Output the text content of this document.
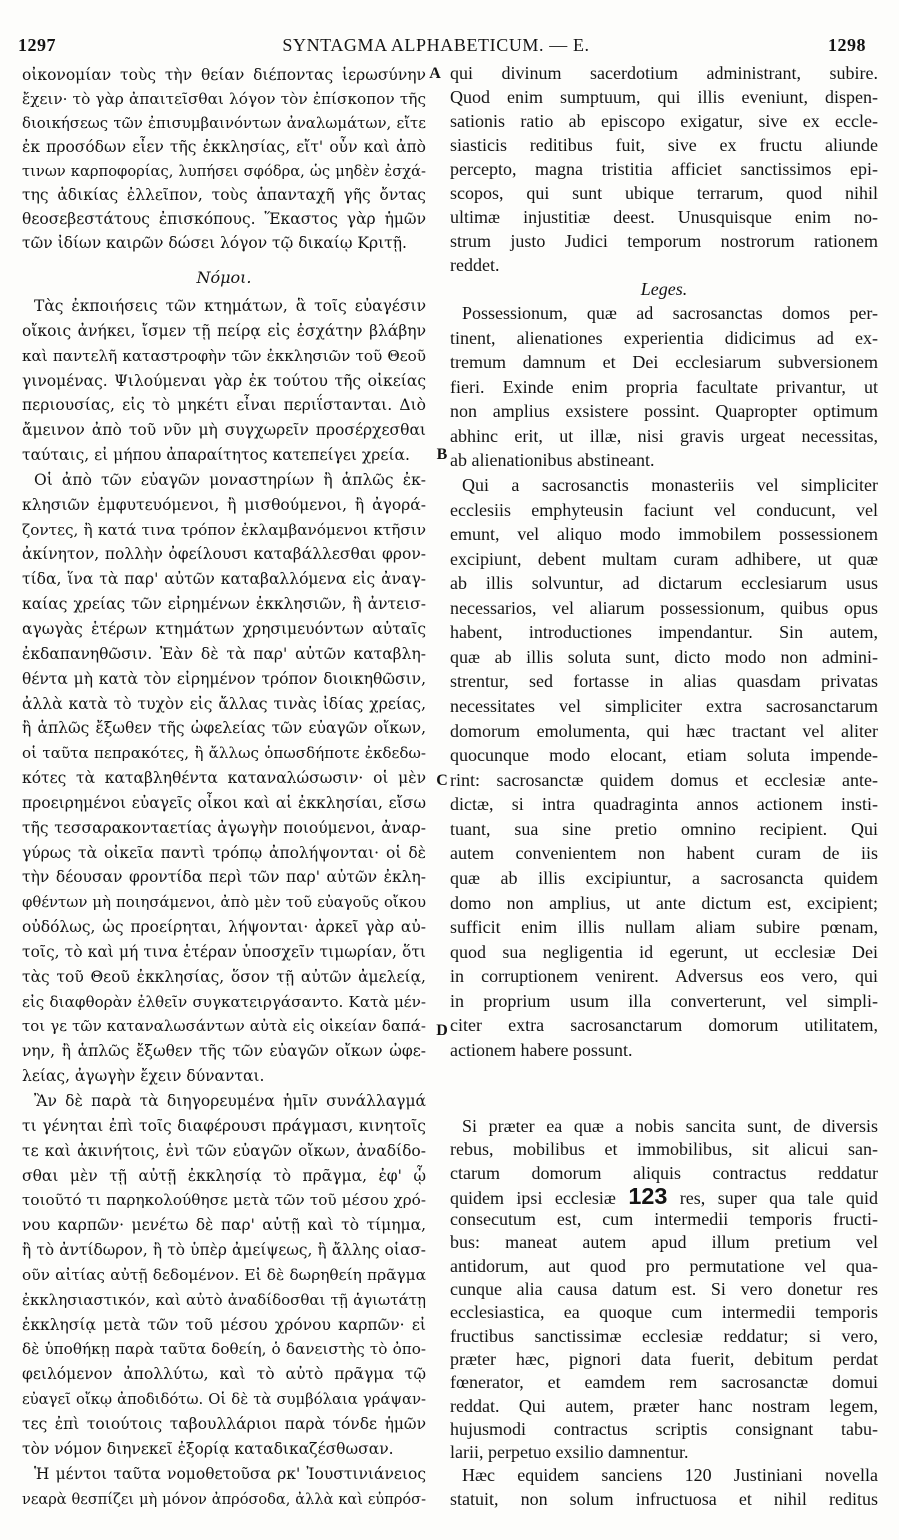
1297	SYNTAGMA ALPHABETICUM. — E.	1298
οἰκονομίαν τοὺς τὴν θείαν διέποντας ἱερωσύνην
ἔχειν· τὸ γὰρ ἀπαιτεῖσθαι λόγον τὸν ἐπίσκοπον τῆς
διοικήσεως τῶν ἐπισυμβαινόντων ἀναλωμάτων, εἴτε
ἐκ προσόδων εἶεν τῆς ἐκκλησίας, εἴτ' οὖν καὶ ἀπὸ
τινων καρποφορίας, λυπήσει σφόδρα, ὡς μηδὲν ἐσχά-
της ἀδικίας ἐλλεῖπον, τοὺς ἁπανταχῆ γῆς ὄντας
θεοσεβεστάτους ἐπισκόπους. Ἕκαστος γὰρ ἡμῶν
τῶν ἰδίων καιρῶν δώσει λόγον τῷ δικαίῳ Κριτῇ.
Νόμοι.
Τὰς ἐκποιήσεις τῶν κτημάτων, ἃ τοῖς εὐαγέσιν
οἴκοις ἀνήκει, ἴσμεν τῇ πείρᾳ εἰς ἐσχάτην βλάβην
καὶ παντελῆ καταστροφὴν τῶν ἐκκλησιῶν τοῦ Θεοῦ
γινομένας. Ψιλούμεναι γὰρ ἐκ τούτου τῆς οἰκείας
περιουσίας, εἰς τὸ μηκέτι εἶναι περιΐστανται. Διὸ
ἄμεινον ἀπὸ τοῦ νῦν μὴ συγχωρεῖν προσέρχεσθαι
ταύταις, εἰ μήπου ἀπαραίτητος κατεπείγει χρεία.
Οἱ ἀπὸ τῶν εὐαγῶν μοναστηρίων ἢ ἁπλῶς ἐκ-
κλησιῶν ἐμφυτευόμενοι, ἢ μισθούμενοι, ἢ ἀγορά-
ζοντες, ἢ κατά τινα τρόπον ἐκλαμβανόμενοι κτῆσιν
ἀκίνητον, πολλὴν ὀφείλουσι καταβάλλεσθαι φρον-
τίδα, ἵνα τὰ παρ' αὐτῶν καταβαλλόμενα εἰς ἀναγ-
καίας χρείας τῶν εἰρημένων ἐκκλησιῶν, ἢ ἀντεισ-
αγωγὰς ἑτέρων κτημάτων χρησιμευόντων αὐταῖς
ἐκδαπανηθῶσιν. Ἐὰν δὲ τὰ παρ' αὐτῶν καταβλη-
θέντα μὴ κατὰ τὸν εἰρημένον τρόπον διοικηθῶσιν,
ἀλλὰ κατὰ τὸ τυχὸν εἰς ἄλλας τινὰς ἰδίας χρείας,
ἢ ἁπλῶς ἔξωθεν τῆς ὠφελείας τῶν εὐαγῶν οἴκων,
οἱ ταῦτα πεπρακότες, ἢ ἄλλως ὁπωσδήποτε ἐκδεδω-
κότες τὰ καταβληθέντα καταναλώσωσιν· οἱ μὲν
προειρημένοι εὐαγεῖς οἶκοι καὶ αἱ ἐκκλησίαι, εἴσω
τῆς τεσσαρακονταετίας ἀγωγὴν ποιούμενοι, ἀναρ-
γύρως τὰ οἰκεῖα παντὶ τρόπῳ ἀπολήψονται· οἱ δὲ
τὴν δέουσαν φροντίδα περὶ τῶν παρ' αὐτῶν ἐκλη-
φθέντων μὴ ποιησάμενοι, ἀπὸ μὲν τοῦ εὐαγοῦς οἴκου
οὐδόλως, ὡς προείρηται, λήψονται· ἀρκεῖ γὰρ αὐ-
τοῖς, τὸ καὶ μή τινα ἑτέραν ὑποσχεῖν τιμωρίαν, ὅτι
τὰς τοῦ Θεοῦ ἐκκλησίας, ὅσον τῇ αὐτῶν ἀμελείᾳ,
εἰς διαφθορὰν ἐλθεῖν συγκατειργάσαντο. Κατὰ μέν-
τοι γε τῶν καταναλωσάντων αὐτὰ εἰς οἰκείαν δαπά-
νην, ἢ ἁπλῶς ἔξωθεν τῆς τῶν εὐαγῶν οἴκων ὠφε-
λείας, ἀγωγὴν ἔχειν δύνανται.
Ἂν δὲ παρὰ τὰ διηγορευμένα ἡμῖν συνάλλαγμά
τι γένηται ἐπὶ τοῖς διαφέρουσι πράγμασι, κινητοῖς
τε καὶ ἀκινήτοις, ἑνὶ τῶν εὐαγῶν οἴκων, ἀναδίδο-
σθαι μὲν τῇ αὐτῇ ἐκκλησίᾳ τὸ πρᾶγμα, ἐφ' ᾧ
τοιοῦτό τι παρηκολούθησε μετὰ τῶν τοῦ μέσου χρό-
νου καρπῶν· μενέτω δὲ παρ' αὐτῇ καὶ τὸ τίμημα,
ἢ τὸ ἀντίδωρον, ἢ τὸ ὑπὲρ ἀμείψεως, ἢ ἄλλης οἱασ-
οῦν αἰτίας αὐτῇ δεδομένον. Εἰ δὲ δωρηθείη πρᾶγμα
ἐκκλησιαστικόν, καὶ αὐτὸ ἀναδίδοσθαι τῇ ἁγιωτάτῃ
ἐκκλησίᾳ μετὰ τῶν τοῦ μέσου χρόνου καρπῶν· εἰ
δὲ ὑποθήκῃ παρὰ ταῦτα δοθείη, ὁ δανειστὴς τὸ ὀπο-
φειλόμενον ἀπολλύτω, καὶ τὸ αὐτὸ πρᾶγμα τῷ
εὐαγεῖ οἴκῳ ἀποδιδότω. Οἱ δὲ τὰ συμβόλαια γράψαν-
τες ἐπὶ τοιούτοις ταβουλλάριοι παρὰ τόνδε ἡμῶν
τὸν νόμον διηνεκεῖ ἐξορίᾳ καταδικαζέσθωσαν.
Ἡ μέντοι ταῦτα νομοθετοῦσα ρκ' Ἰουστινιάνειος
νεαρὰ θεσπίζει μὴ μόνον ἀπρόσοδα, ἀλλὰ καὶ εὐπρόσ-
qui divinum sacerdotium administrant, subire.
Quod enim sumptuum, qui illis eveniunt, dispen-
sationis ratio ab episcopo exigatur, sive ex eccle-
siasticis reditibus fuit, sive ex fructu aliunde
percepto, magna tristitia afficiet sanctissimos epi-
scopos, qui sunt ubique terrarum, quod nihil
ultimæ injustitiæ deest. Unusquisque enim no-
strum justo Judici temporum nostrorum rationem
reddet.
Leges.
Possessionum, quæ ad sacrosanctas domos per-
tinent, alienationes experientia didicimus ad ex-
tremum damnum et Dei ecclesiarum subversionem
fieri. Exinde enim propria facultate privantur, ut
non amplius exsistere possint. Quapropter optimum
abhinc erit, ut illæ, nisi gravis urgeat necessitas,
ab alienationibus abstineant.
Qui a sacrosanctis monasteriis vel simpliciter
ecclesiis emphyteusin faciunt vel conducunt, vel
emunt, vel aliquo modo immobilem possessionem
excipiunt, debent multam curam adhibere, ut quæ
ab illis solvuntur, ad dictarum ecclesiarum usus
necessarios, vel aliarum possessionum, quibus opus
habent, introductiones impendantur. Sin autem,
quæ ab illis soluta sunt, dicto modo non admini-
strentur, sed fortasse in alias quasdam privatas
necessitates vel simpliciter extra sacrosanctarum
domorum emolumenta, qui hæc tractant vel aliter
quocunque modo elocant, etiam soluta impende-
rint: sacrosanctæ quidem domus et ecclesiæ ante-
dictæ, si intra quadraginta annos actionem insti-
tuant, sua sine pretio omnino recipient. Qui
autem convenientem non habent curam de iis
quæ ab illis excipiuntur, a sacrosancta quidem
domo non amplius, ut ante dictum est, excipient;
sufficit enim illis nullam aliam subire pœnam,
quod sua negligentia id egerunt, ut ecclesiæ Dei
in corruptionem venirent. Adversus eos vero, qui
in proprium usum illa converterunt, vel simpli-
citer extra sacrosanctarum domorum utilitatem,
actionem habere possunt.
Si præter ea quæ a nobis sancita sunt, de diversis
rebus, mobilibus et immobilibus, sit alicui san-
ctarum domorum aliquis contractus reddatur
quidem ipsi ecclesiæ 123 res, super qua tale quid
consecutum est, cum intermedii temporis fructi-
bus: maneat autem apud illum pretium vel
antidorum, aut quod pro permutatione vel qua-
cunque alia causa datum est. Si vero donetur res
ecclesiastica, ea quoque cum intermedii temporis
fructibus sanctissimæ ecclesiæ reddatur; si vero,
præter hæc, pignori data fuerit, debitum perdat
fœnerator, et eamdem rem sacrosanctæ domui
reddat. Qui autem, præter hanc nostram legem,
hujusmodi contractus scriptis consignant tabu-
larii, perpetuo exsilio damnentur.
Hæc equidem sanciens 120 Justiniani novella
statuit, non solum infructuosa et nihil reditus
A
B
C
D
